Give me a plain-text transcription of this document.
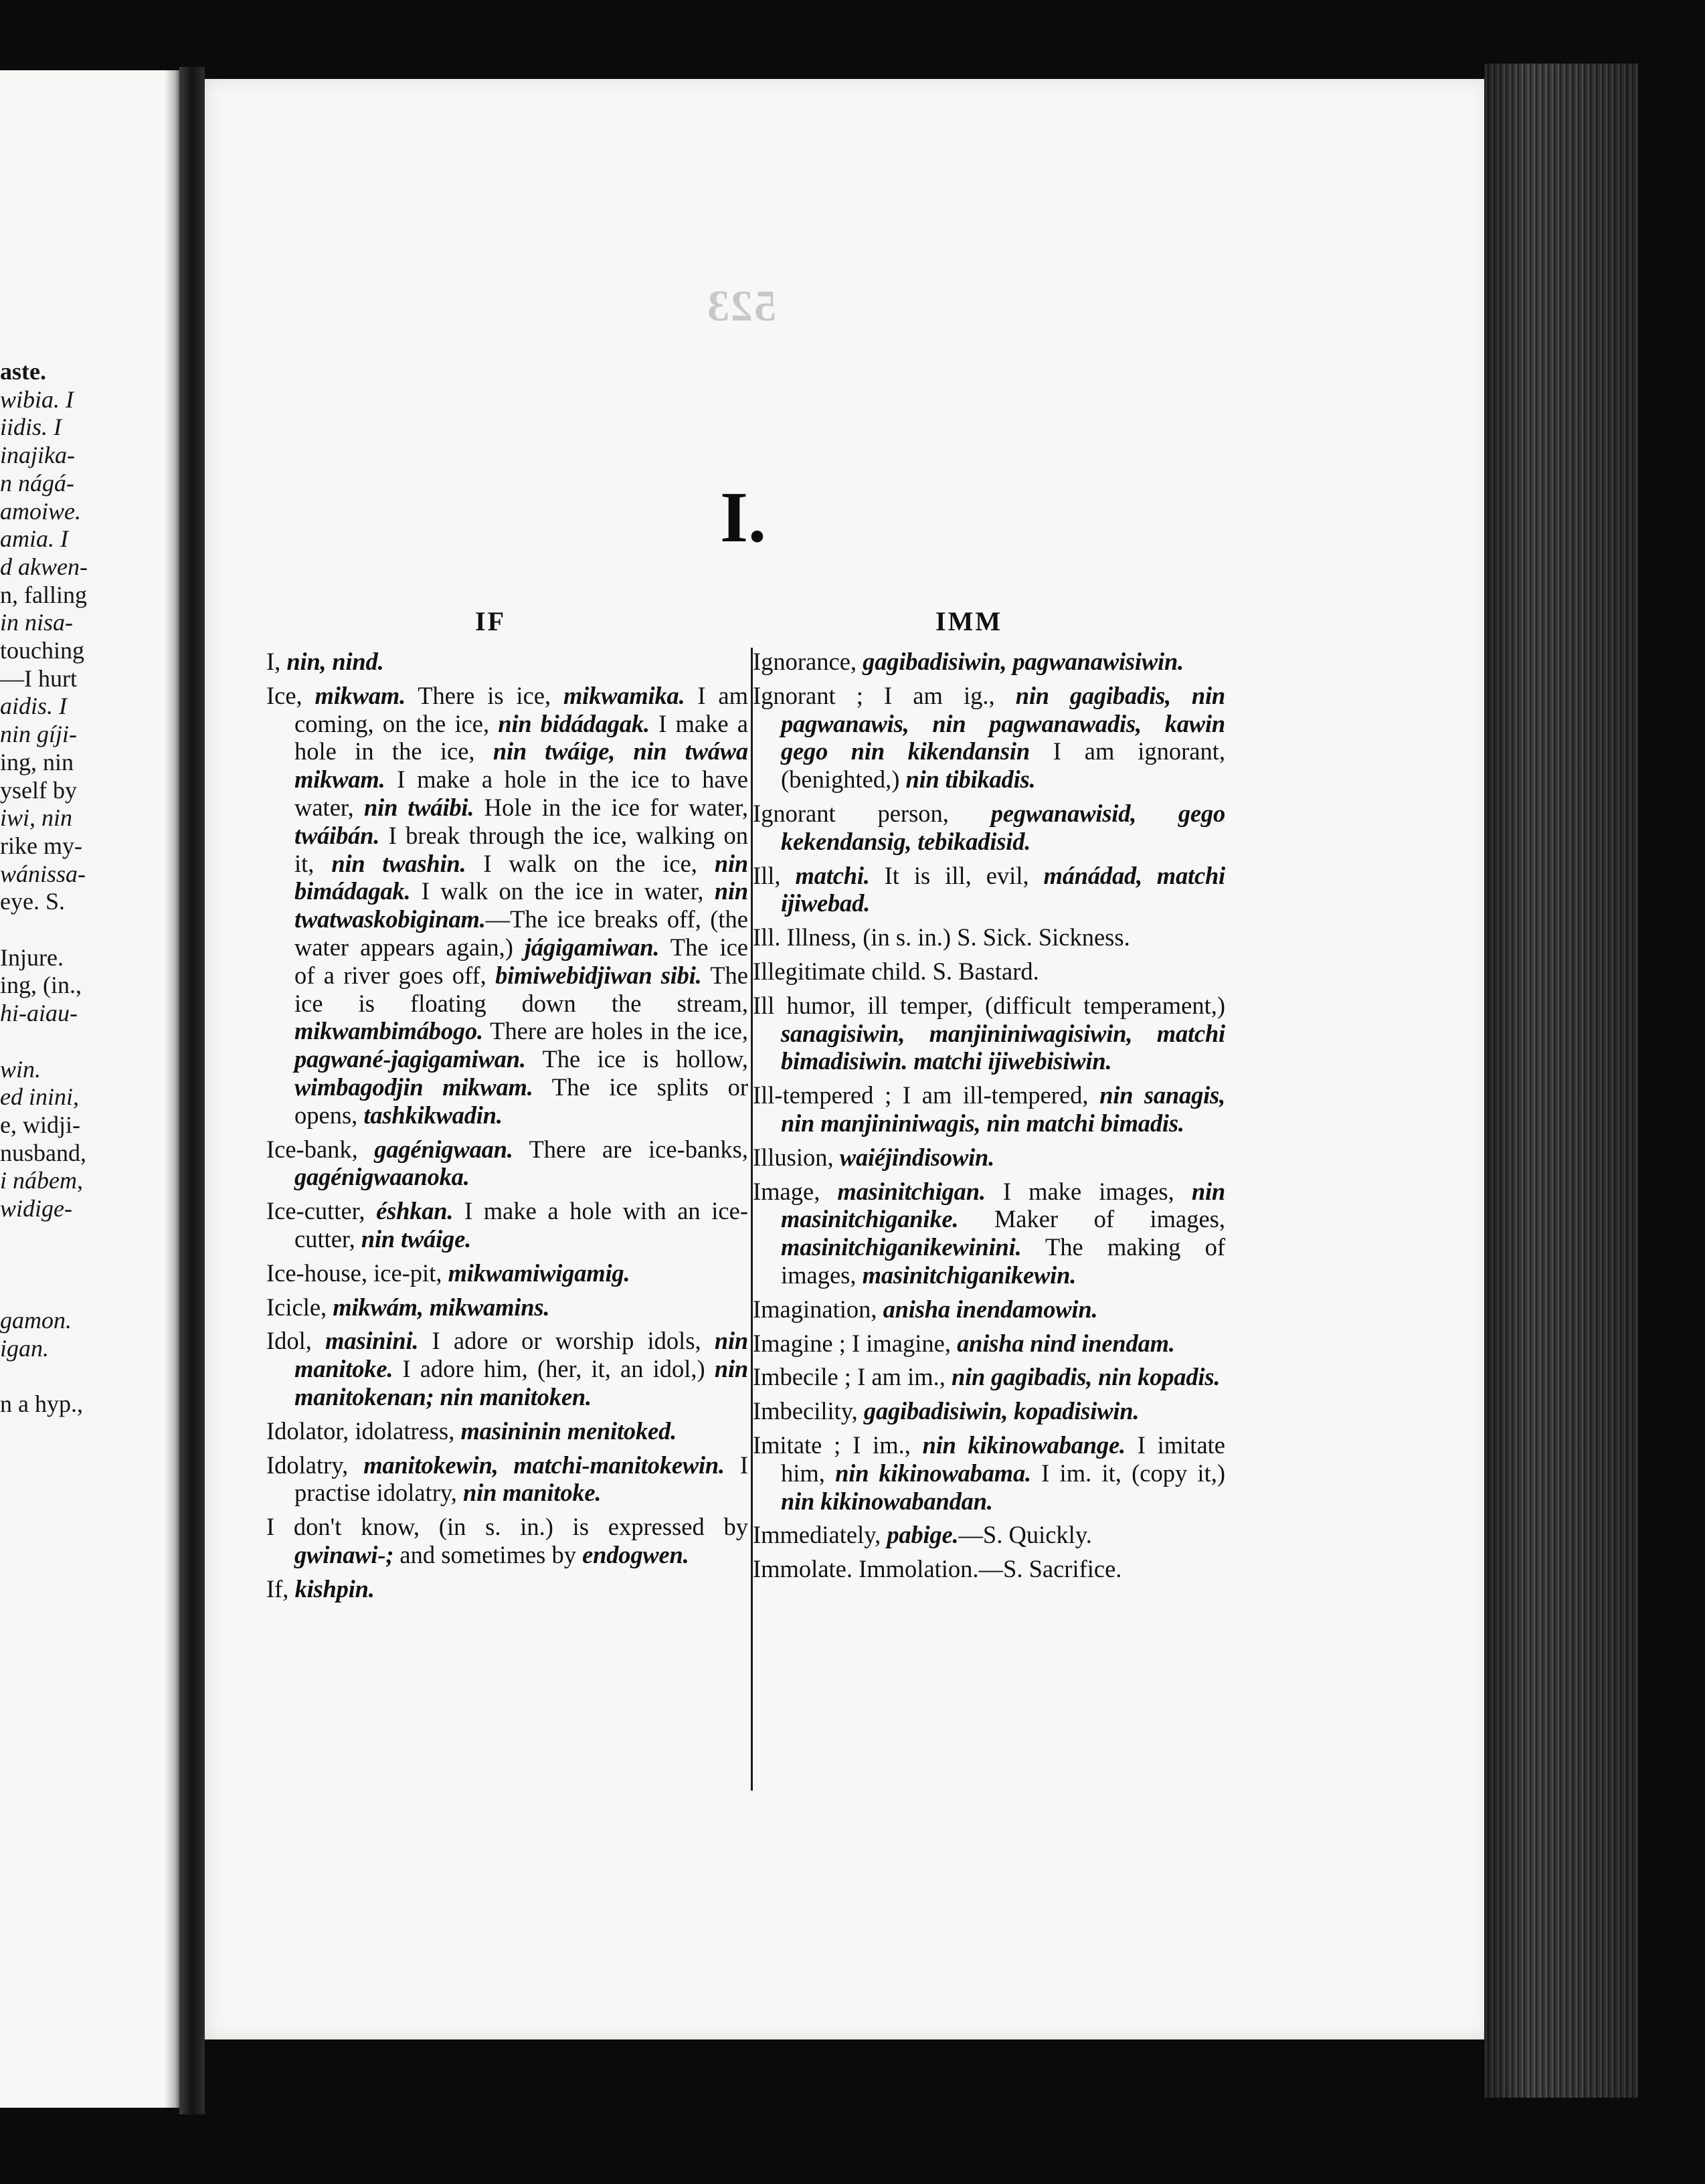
aste.
wibia. I
iidis. I
inajika-
n nágá-
amoiwe.
amia. I
d akwen-
n, falling
in nisa-
touching
—I hurt
aidis. I
nin gíji-
ing, nin
yself by
iwi, nin
rike my-
wánissa-
eye. S.
Injure.
ing, (in.,
hi-aiau-
win.
ed inini,
e, widji-
nusband,
i nábem,
widige-
gamon.
igan.
n a hyp.,
523
I.
IF	IMM

I, nin, nind.

Ice, mikwam. There is ice, mikwamika. I am coming, on the ice, nin bidádagak. I make a hole in the ice, nin twáige, nin twáwa mikwam. I make a hole in the ice to have water, nin twáibi. Hole in the ice for water, twáibán. I break through the ice, walking on it, nin twashin. I walk on the ice, nin bimádagak. I walk on the ice in water, nin twatwaskobiginam.—The ice breaks off, (the water appears again,) jágigamiwan. The ice of a river goes off, bimiwebidjiwan sibi. The ice is floating down the stream, mikwambimábogo. There are holes in the ice, pagwané-jagigamiwan. The ice is hollow, wimbagodjin mikwam. The ice splits or opens, tashkikwadin.

Ice-bank, gagénigwaan. There are ice-banks, gagénigwaanoka.

Ice-cutter, éshkan. I make a hole with an ice-cutter, nin twáige.

Ice-house, ice-pit, mikwamiwigamig.

Icicle, mikwám, mikwamins.

Idol, masinini. I adore or worship idols, nin manitoke. I adore him, (her, it, an idol,) nin manitokenan; nin manitoken.

Idolator, idolatress, masininin menitoked.

Idolatry, manitokewin, matchi-manitokewin. I practise idolatry, nin manitoke.

I don't know, (in s. in.) is expressed by gwinawi-; and sometimes by endogwen.

If, kishpin.

Ignorance, gagibadisiwin, pagwanawisiwin.

Ignorant ; I am ig., nin gagibadis, nin pagwanawis, nin pagwanawadis, kawin gego nin kikendansin I am ignorant, (benighted,) nin tibikadis.

Ignorant person, pegwanawisid, gego kekendansig, tebikadisid.

Ill, matchi. It is ill, evil, mánádad, matchi ijiwebad.

Ill. Illness, (in s. in.) S. Sick. Sickness.

Illegitimate child. S. Bastard.

Ill humor, ill temper, (difficult temperament,) sanagisiwin, manjininiwagisiwin, matchi bimadisiwin. matchi ijiwebisiwin.

Ill-tempered ; I am ill-tempered, nin sanagis, nin manjininiwagis, nin matchi bimadis.

Illusion, waiéjindisowin.

Image, masinitchigan. I make images, nin masinitchiganike. Maker of images, masinitchiganikewinini. The making of images, masinitchiganikewin.

Imagination, anisha inendamowin.

Imagine ; I imagine, anisha nind inendam.

Imbecile ; I am im., nin gagibadis, nin kopadis.

Imbecility, gagibadisiwin, kopadisiwin.

Imitate ; I im., nin kikinowabange. I imitate him, nin kikinowabama. I im. it, (copy it,) nin kikinowabandan.

Immediately, pabige.—S. Quickly.

Immolate. Immolation.—S. Sacrifice.
